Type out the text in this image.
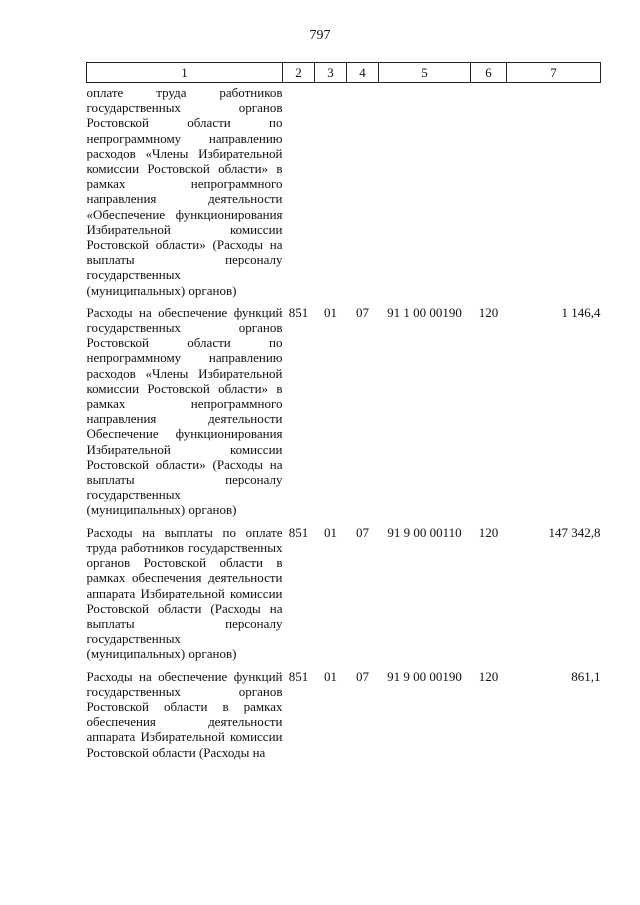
797
1	2	3	4	5	6	7
оплате труда работников государственных органов Ростовской области по непрограммному направлению расходов «Члены Избирательной комиссии Ростовской области» в рамках непрограммного направления деятельности «Обеспечение функционирования Избирательной комиссии Ростовской области» (Расходы на выплаты персоналу государственных (муниципальных) органов)						

Расходы на обеспечение функций государственных органов Ростовской области по непрограммному направлению расходов «Члены Избирательной комиссии Ростовской области» в рамках непрограммного направления деятельности Обеспечение функционирования Избирательной комиссии Ростовской области» (Расходы на выплаты персоналу государственных (муниципальных) органов)	851	01	07	91 1 00 00190	120	1 146,4

Расходы на выплаты по оплате труда работников государственных органов Ростовской области в рамках обеспечения деятельности аппарата Избирательной комиссии Ростовской области (Расходы на выплаты персоналу государственных (муниципальных) органов)	851	01	07	91 9 00 00110	120	147 342,8

Расходы на обеспечение функций государственных органов Ростовской области в рамках обеспечения деятельности аппарата Избирательной комиссии Ростовской области (Расходы на	851	01	07	91 9 00 00190	120	861,1
